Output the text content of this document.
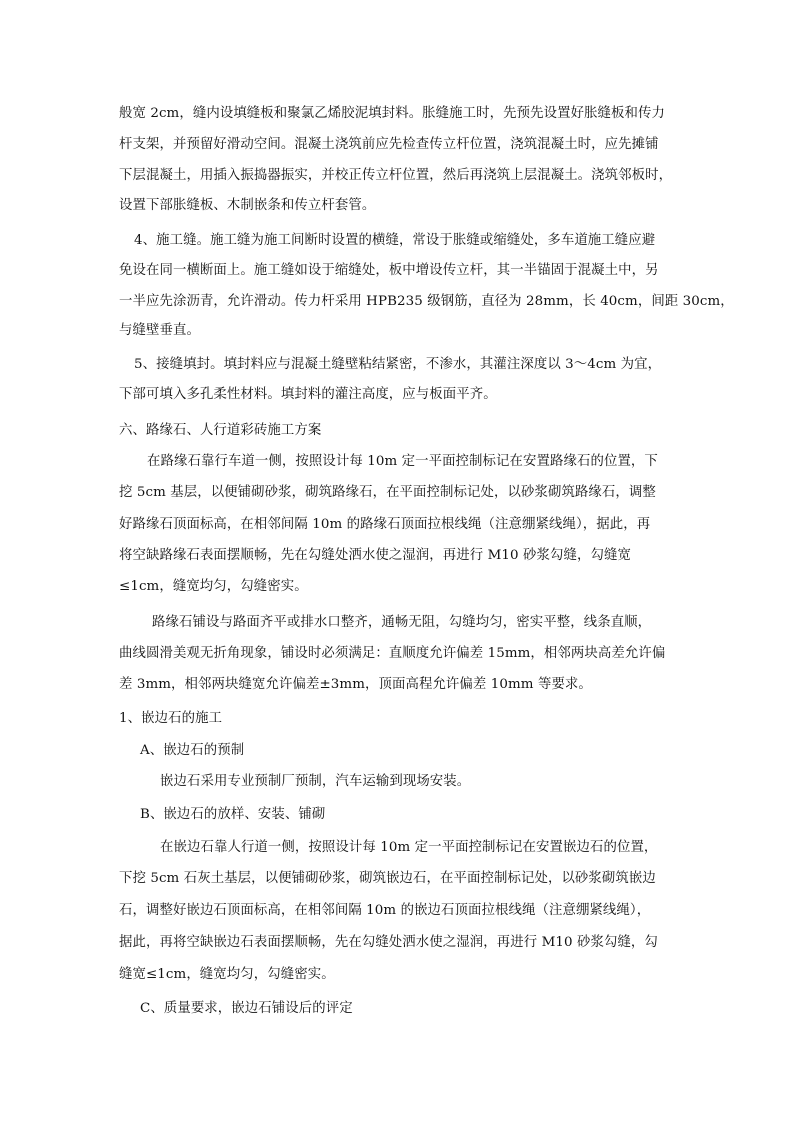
般宽 2cm，缝内设填缝板和聚氯乙烯胶泥填封料。胀缝施工时，先预先设置好胀缝板和传力
杆支架，并预留好滑动空间。混凝土浇筑前应先检查传立杆位置，浇筑混凝土时，应先摊铺
下层混凝土，用插入振捣器振实，并校正传立杆位置，然后再浇筑上层混凝土。浇筑邻板时，
设置下部胀缝板、木制嵌条和传立杆套管。
4、施工缝。施工缝为施工间断时设置的横缝，常设于胀缝或缩缝处，多车道施工缝应避
免设在同一横断面上。施工缝如设于缩缝处，板中增设传立杆，其一半锚固于混凝土中，另
一半应先涂沥青，允许滑动。传力杆采用 HPB235 级钢筋，直径为 28mm，长 40cm，间距 30cm，
与缝壁垂直。
5、接缝填封。填封料应与混凝土缝壁粘结紧密，不渗水，其灌注深度以 3～4cm 为宜，
下部可填入多孔柔性材料。填封料的灌注高度，应与板面平齐。
六、路缘石、人行道彩砖施工方案
在路缘石靠行车道一侧，按照设计每 10m 定一平面控制标记在安置路缘石的位置，下
挖 5cm 基层，以便铺砌砂浆，砌筑路缘石，在平面控制标记处，以砂浆砌筑路缘石，调整
好路缘石顶面标高，在相邻间隔 10m 的路缘石顶面拉根线绳（注意绷紧线绳），据此，再
将空缺路缘石表面摆顺畅，先在勾缝处洒水使之湿润，再进行 M10 砂浆勾缝，勾缝宽
≤1cm，缝宽均匀，勾缝密实。
路缘石铺设与路面齐平或排水口整齐，通畅无阻，勾缝均匀，密实平整，线条直顺，
曲线圆滑美观无折角现象，铺设时必须满足：直顺度允许偏差 15mm，相邻两块高差允许偏
差 3mm，相邻两块缝宽允许偏差±3mm，顶面高程允许偏差 10mm 等要求。
1、嵌边石的施工
A、嵌边石的预制
嵌边石采用专业预制厂预制，汽车运输到现场安装。
B、嵌边石的放样、安装、铺砌
在嵌边石靠人行道一侧，按照设计每 10m 定一平面控制标记在安置嵌边石的位置，
下挖 5cm 石灰土基层，以便铺砌砂浆，砌筑嵌边石，在平面控制标记处，以砂浆砌筑嵌边
石，调整好嵌边石顶面标高，在相邻间隔 10m 的嵌边石顶面拉根线绳（注意绷紧线绳），
据此，再将空缺嵌边石表面摆顺畅，先在勾缝处洒水使之湿润，再进行 M10 砂浆勾缝，勾
缝宽≤1cm，缝宽均匀，勾缝密实。
C、质量要求，嵌边石铺设后的评定
